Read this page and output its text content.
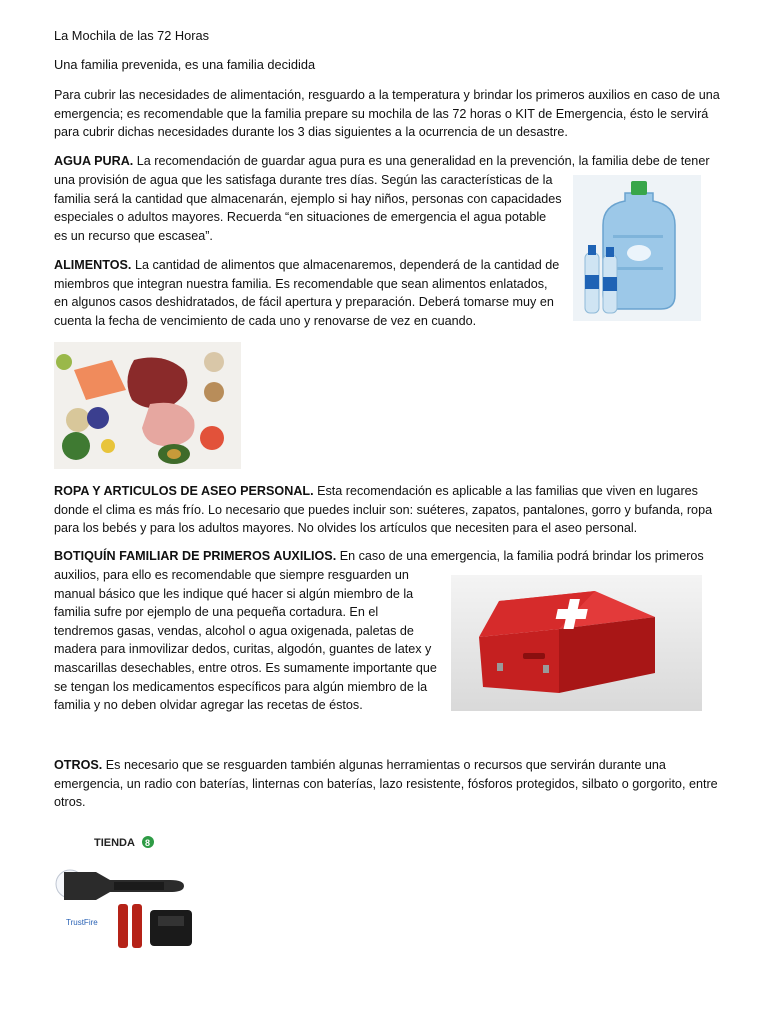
La Mochila de las 72 Horas

Una familia prevenida, es una familia decidida

Para cubrir las necesidades de alimentación, resguardo a la temperatura y brindar los primeros auxilios en caso de una emergencia; es recomendable que la familia prepare su mochila de las 72 horas o KIT de Emergencia, ésto le servirá para cubrir dichas necesidades durante los 3 dias siguientes a la ocurrencia de un desastre.

AGUA PURA. La recomendación de guardar agua pura es una generalidad en la prevención, la familia debe de tener

una provisión de agua que les satisfaga durante tres días. Según las características de la familia será la cantidad que almacenarán, ejemplo si hay niños, personas con capacidades especiales o adultos mayores. Recuerda “en situaciones de emergencia el agua potable es un recurso que escasea”.

ALIMENTOS. La cantidad de alimentos que almacenaremos, dependerá de la cantidad de miembros que integran nuestra familia. Es recomendable que sean alimentos enlatados, en algunos casos deshidratados, de fácil apertura y preparación. Deberá tomarse muy en cuenta la fecha de vencimiento de cada uno y renovarse de vez en cuando.

ROPA Y ARTICULOS DE ASEO PERSONAL. Esta recomendación es aplicable a las familias que viven en lugares donde el clima es más frío. Lo necesario que puedes incluir son: suéteres, zapatos, pantalones, gorro y bufanda, ropa para los bebés y para los adultos mayores. No olvides los artículos que necesiten para el aseo personal.

BOTIQUÍN FAMILIAR DE PRIMEROS AUXILIOS. En caso de una emergencia, la familia podrá brindar los primeros

auxilios, para ello es recomendable que siempre resguarden un manual básico que les indique qué hacer si algún miembro de la familia sufre por ejemplo de una pequeña cortadura. En el tendremos gasas, vendas, alcohol o agua oxigenada, paletas de madera para inmovilizar dedos, curitas, algodón, guantes de latex y mascarillas desechables, entre otros. Es sumamente importante que se tengan los medicamentos específicos para algún miembro de la familia y no deben olvidar agregar las recetas de éstos.

OTROS. Es necesario que se resguarden también algunas herramientas o recursos que servirán durante una emergencia, un radio con baterías, linternas con baterías, lazo resistente, fósforos protegidos, silbato o gorgorito, entre otros.

TIENDA 8
TrustFire
